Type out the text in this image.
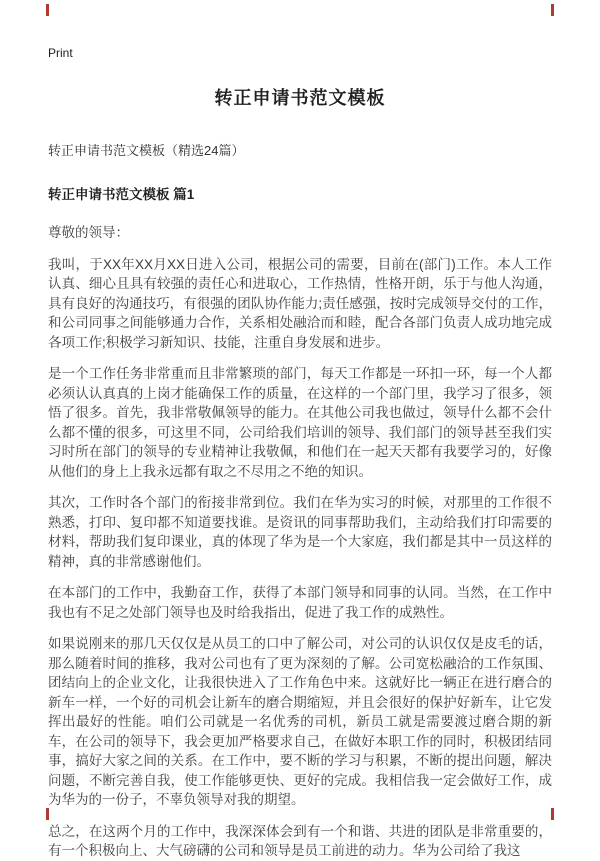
Print
转正申请书范文模板
转正申请书范文模板（精选24篇）
转正申请书范文模板 篇1

尊敬的领导：

我叫，于XX年XX月XX日进入公司，根据公司的需要，目前在(部门)工作。本人工作认真、细心且具有较强的责任心和进取心，工作热情，性格开朗，乐于与他人沟通，具有良好的沟通技巧，有很强的团队协作能力;责任感强，按时完成领导交付的工作，和公司同事之间能够通力合作，关系相处融洽而和睦，配合各部门负责人成功地完成各项工作;积极学习新知识、技能，注重自身发展和进步。

是一个工作任务非常重而且非常繁琐的部门，每天工作都是一环扣一环，每一个人都必须认认真真的上岗才能确保工作的质量，在这样的一个部门里，我学习了很多，领悟了很多。首先，我非常敬佩领导的能力。在其他公司我也做过，领导什么都不会什么都不懂的很多，可这里不同，公司给我们培训的领导、我们部门的领导甚至我们实习时所在部门的领导的专业精神让我敬佩，和他们在一起天天都有我要学习的，好像从他们的身上上我永远都有取之不尽用之不绝的知识。

其次，工作时各个部门的衔接非常到位。我们在华为实习的时候，对那里的工作很不熟悉，打印、复印都不知道要找谁。是资讯的同事帮助我们，主动给我们打印需要的材料，帮助我们复印课业，真的体现了华为是一个大家庭，我们都是其中一员这样的精神，真的非常感谢他们。

在本部门的工作中，我勤奋工作，获得了本部门领导和同事的认同。当然，在工作中我也有不足之处部门领导也及时给我指出，促进了我工作的成熟性。

如果说刚来的那几天仅仅是从员工的口中了解公司，对公司的认识仅仅是皮毛的话，那么随着时间的推移，我对公司也有了更为深刻的了解。公司宽松融洽的工作氛围、团结向上的企业文化，让我很快进入了工作角色中来。这就好比一辆正在进行磨合的新车一样，一个好的司机会让新车的磨合期缩短，并且会很好的保护好新车，让它发挥出最好的性能。咱们公司就是一名优秀的司机，新员工就是需要渡过磨合期的新车，在公司的领导下，我会更加严格要求自己，在做好本职工作的同时，积极团结同事，搞好大家之间的关系。在工作中，要不断的学习与积累，不断的提出问题，解决问题，不断完善自我，使工作能够更快、更好的完成。我相信我一定会做好工作，成为华为的一份子，不辜负领导对我的期望。

总之，在这两个月的工作中，我深深体会到有一个和谐、共进的团队是非常重要的，有一个积极向上、大气磅礴的公司和领导是员工前进的动力。华为公司给了我这
